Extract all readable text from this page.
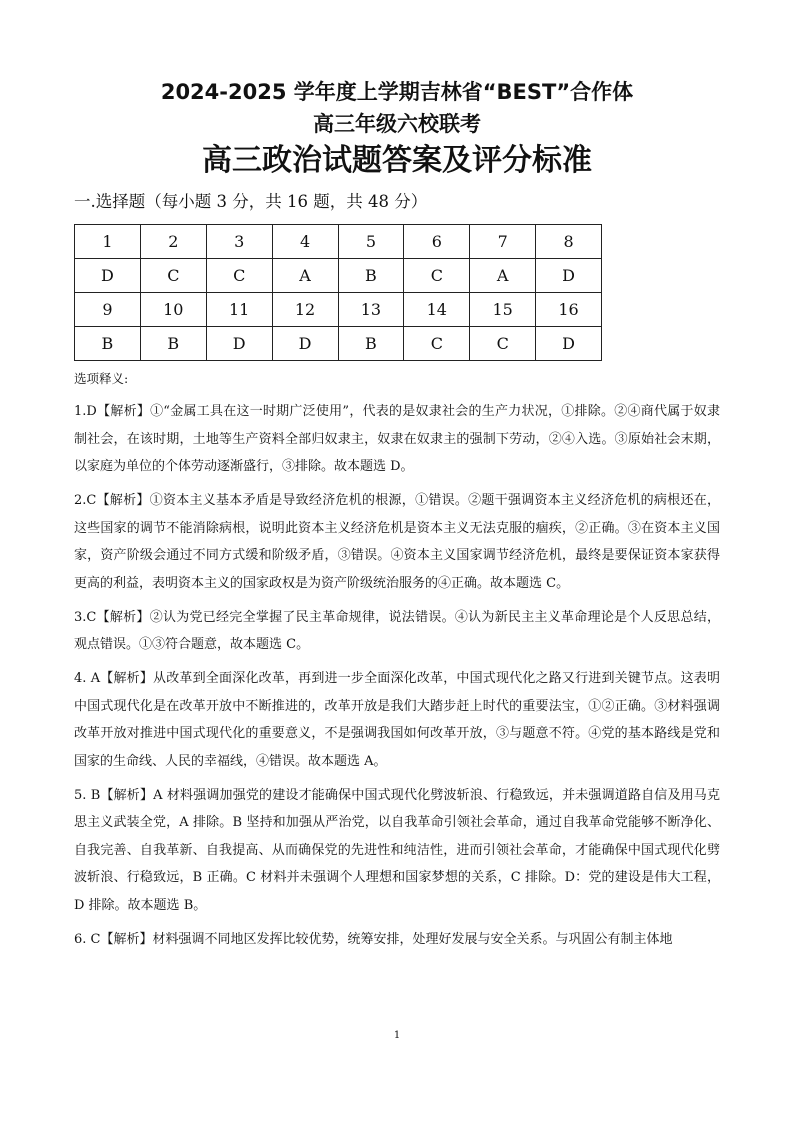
2024-2025 学年度上学期吉林省“BEST”合作体
高三年级六校联考
高三政治试题答案及评分标准
一.选择题（每小题 3 分，共 16 题，共 48 分）
1	2	3	4	5	6	7	8
D	C	C	A	B	C	A	D
9	10	11	12	13	14	15	16
B	B	D	D	B	C	C	D
选项释义:

1.D【解析】①“金属工具在这一时期广泛使用”，代表的是奴隶社会的生产力状况，①排除。②④商代属于奴隶制社会，在该时期，土地等生产资料全部归奴隶主，奴隶在奴隶主的强制下劳动，②④入选。③原始社会末期，以家庭为单位的个体劳动逐渐盛行，③排除。故本题选 D。

2.C【解析】①资本主义基本矛盾是导致经济危机的根源，①错误。②题干强调资本主义经济危机的病根还在，这些国家的调节不能消除病根，说明此资本主义经济危机是资本主义无法克服的痼疾，②正确。③在资本主义国家，资产阶级会通过不同方式缓和阶级矛盾，③错误。④资本主义国家调节经济危机，最终是要保证资本家获得更高的利益，表明资本主义的国家政权是为资产阶级统治服务的④正确。故本题选 C。

3.C【解析】②认为党已经完全掌握了民主革命规律，说法错误。④认为新民主主义革命理论是个人反思总结，观点错误。①③符合题意，故本题选 C。

4. A【解析】从改革到全面深化改革，再到进一步全面深化改革，中国式现代化之路又行进到关键节点。这表明中国式现代化是在改革开放中不断推进的，改革开放是我们大踏步赶上时代的重要法宝，①②正确。③材料强调改革开放对推进中国式现代化的重要意义，不是强调我国如何改革开放，③与题意不符。④党的基本路线是党和国家的生命线、人民的幸福线，④错误。故本题选 A。

5. B【解析】A 材料强调加强党的建设才能确保中国式现代化劈波斩浪、行稳致远，并未强调道路自信及用马克思主义武装全党，A 排除。B 坚持和加强从严治党，以自我革命引领社会革命，通过自我革命党能够不断净化、自我完善、自我革新、自我提高、从而确保党的先进性和纯洁性，进而引领社会革命，才能确保中国式现代化劈波斩浪、行稳致远，B 正确。C 材料并未强调个人理想和国家梦想的关系，C 排除。D：党的建设是伟大工程，D 排除。故本题选 B。

6. C【解析】材料强调不同地区发挥比较优势，统筹安排，处理好发展与安全关系。与巩固公有制主体地

1
